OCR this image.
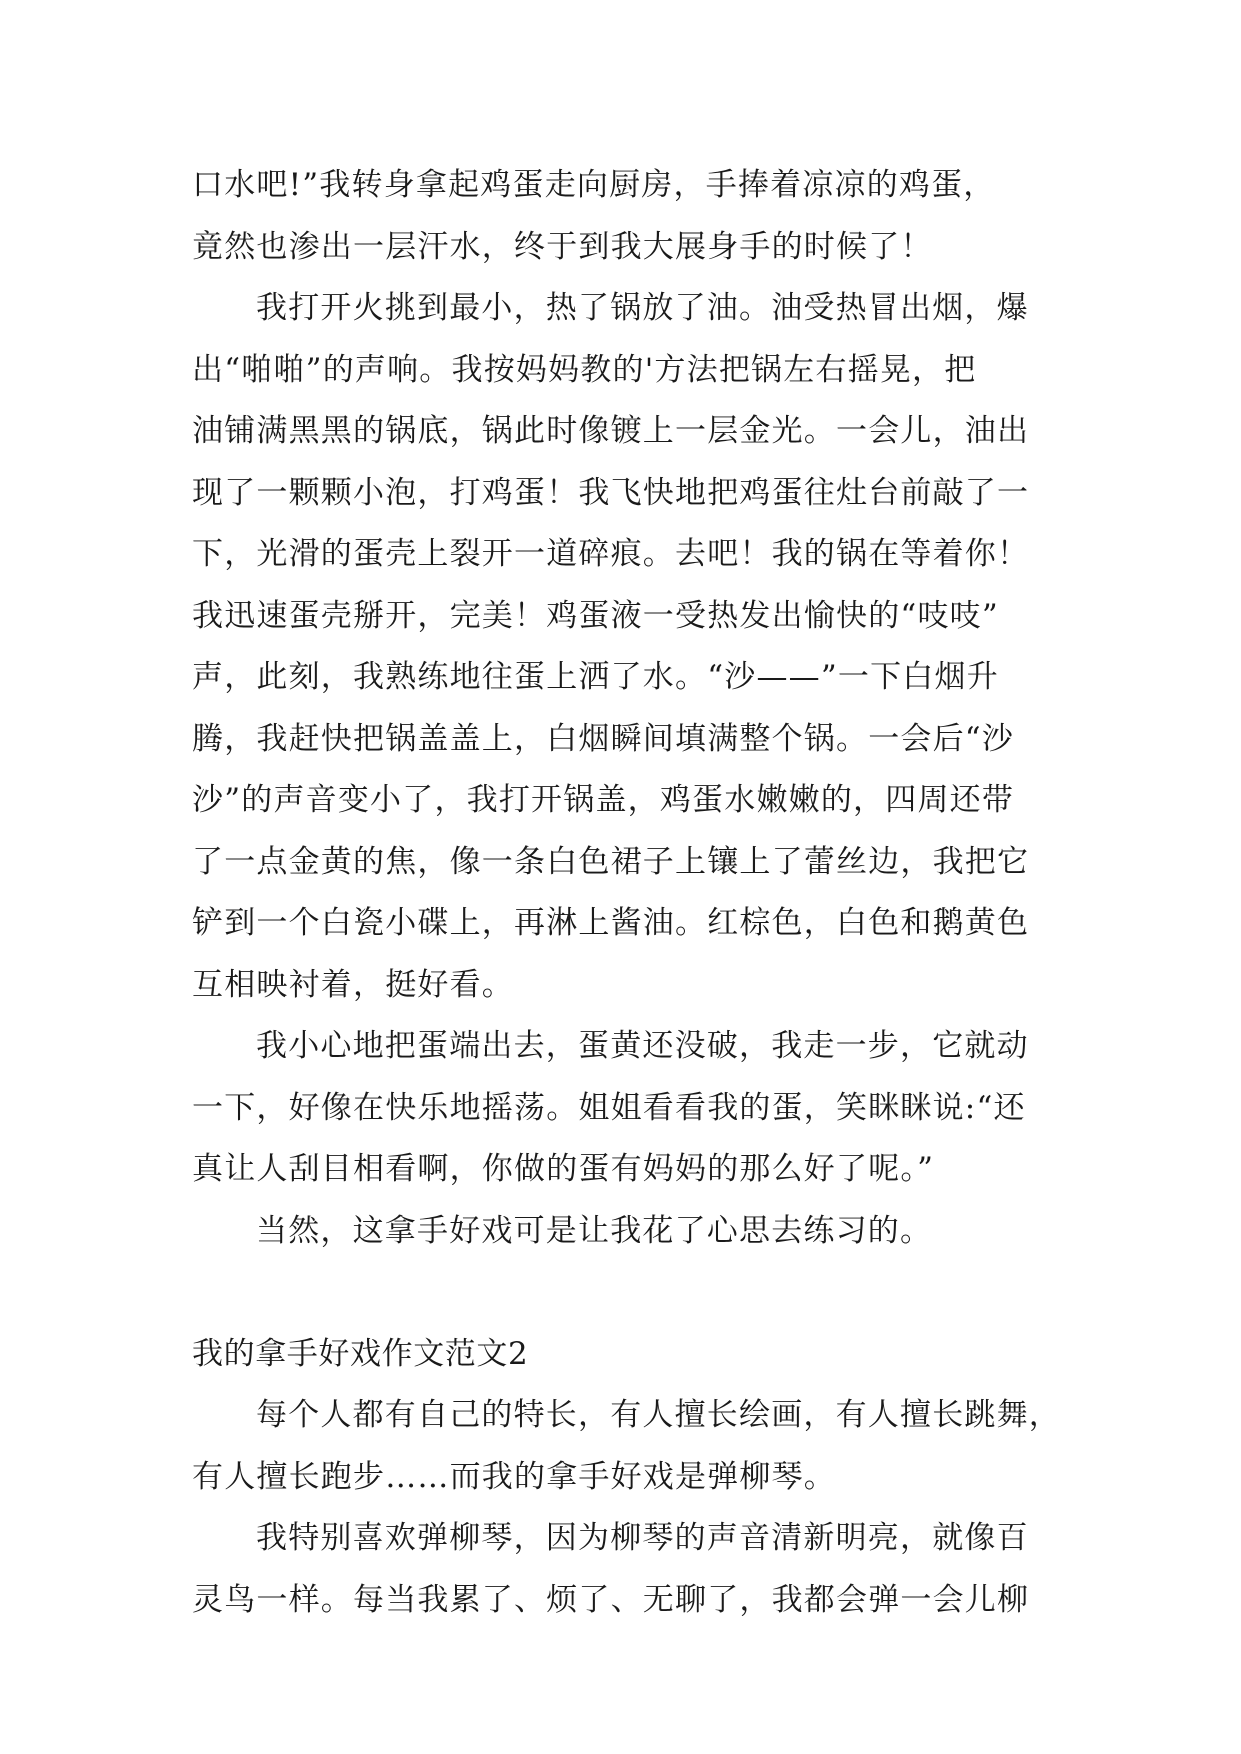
口水吧!”我转身拿起鸡蛋走向厨房，手捧着凉凉的鸡蛋，
竟然也渗出一层汗水，终于到我大展身手的时候了！
我打开火挑到最小，热了锅放了油。油受热冒出烟，爆
出“啪啪”的声响。我按妈妈教的'方法把锅左右摇晃，把
油铺满黑黑的锅底，锅此时像镀上一层金光。一会儿，油出
现了一颗颗小泡，打鸡蛋！我飞快地把鸡蛋往灶台前敲了一
下，光滑的蛋壳上裂开一道碎痕。去吧！我的锅在等着你！
我迅速蛋壳掰开，完美！鸡蛋液一受热发出愉快的“吱吱”
声，此刻，我熟练地往蛋上洒了水。“沙——”一下白烟升
腾，我赶快把锅盖盖上，白烟瞬间填满整个锅。一会后“沙
沙”的声音变小了，我打开锅盖，鸡蛋水嫩嫩的，四周还带
了一点金黄的焦，像一条白色裙子上镶上了蕾丝边，我把它
铲到一个白瓷小碟上，再淋上酱油。红棕色，白色和鹅黄色
互相映衬着，挺好看。
我小心地把蛋端出去，蛋黄还没破，我走一步，它就动
一下，好像在快乐地摇荡。姐姐看看我的蛋，笑眯眯说:“还
真让人刮目相看啊，你做的蛋有妈妈的那么好了呢。”
当然，这拿手好戏可是让我花了心思去练习的。
我的拿手好戏作文范文2
每个人都有自己的特长，有人擅长绘画，有人擅长跳舞，
有人擅长跑步……而我的拿手好戏是弹柳琴。
我特别喜欢弹柳琴，因为柳琴的声音清新明亮，就像百
灵鸟一样。每当我累了、烦了、无聊了，我都会弹一会儿柳
